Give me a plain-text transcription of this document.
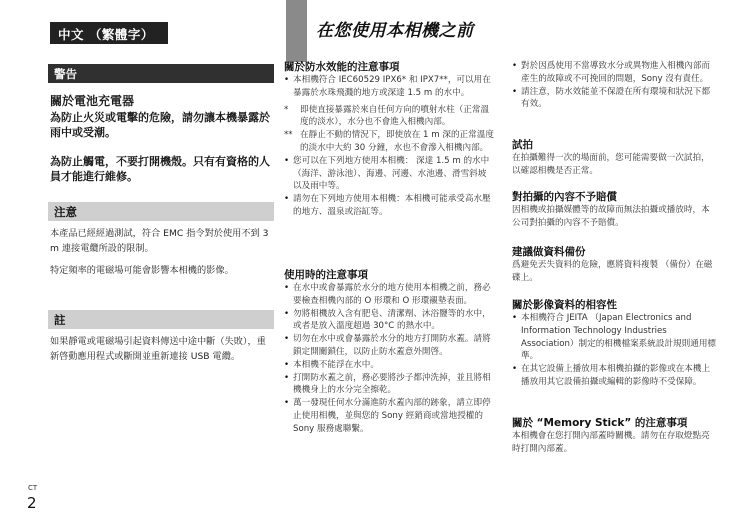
中文 （繁體字）
警告
關於電池充電器
為防止火災或電擊的危險，請勿讓本機暴露於雨中或受潮。
為防止觸電，不要打開機殼。只有有資格的人員才能進行維修。
注意
本產品已經經過測試，符合 EMC 指令對於使用不到 3 m 連接電纜所設的限制。
特定頻率的電磁場可能會影響本相機的影像。
註
如果靜電或電磁場引起資料傳送中途中斷（失敗），重新啓動應用程式或斷開並重新連接 USB 電纜。
在您使用本相機之前
關於防水效能的注意事項
• 本相機符合 IEC60529 IPX6* 和 IPX7**，可以用在暴露於水珠飛濺的地方或深達 1.5 m 的水中。
* 即使直接暴露於來自任何方向的噴射水柱（正常溫度的淡水），水分也不會進入相機內部。
** 在靜止不動的情況下，即使放在 1 m 深的正常溫度的淡水中大約 30 分鐘，水也不會滲入相機內部。
• 您可以在下列地方使用本相機： 深達 1.5 m 的水中 （海洋、游泳池）、海邊、河邊、水池邊、滑雪斜坡以及雨中等。
• 請勿在下列地方使用本相機：本相機可能承受高水壓的地方、溫泉或浴缸等。
使用時的注意事項
• 在水中或會暴露於水分的地方使用本相機之前，務必要檢查相機內部的 O 形環和 O 形環襯墊表面。
• 勿將相機放入含有肥皂、清潔劑、沐浴鹽等的水中，或者是放入溫度超過 30°C 的熱水中。
• 切勿在水中或會暴露於水分的地方打開防水蓋。請將鎖定開關鎖住，以防止防水蓋意外開啓。
• 本相機不能浮在水中。
• 打開防水蓋之前，務必要將沙子都沖洗掉，並且將相機機身上的水分完全擦乾。
• 萬一發現任何水分滿進防水蓋內部的跡象，請立即停止使用相機，並與您的 Sony 經銷商或當地授權的 Sony 服務處聯繫。
• 對於因爲使用不當導致水分或異物進入相機內部而產生的故障或不可挽回的問題，Sony 沒有責任。
• 請注意，防水效能並不保證在所有環境和狀況下都有效。
試拍
在拍攝難得一次的場面前，您可能需要做一次試拍，以確認相機是否正常。
對拍攝的內容不予賠償
因相機或拍攝媒體等的故障而無法拍攝或播放時，本公司對拍攝的內容不予賠償。
建議做資料備份
爲避免丟失資料的危險，應將資料複製 （備份）在磁碟上。
關於影像資料的相容性
• 本相機符合 JEITA （Japan Electronics and Information Technology Industries Association）制定的相機檔案系統設計規則通用標準。
• 在其它設備上播放用本相機拍攝的影像或在本機上播放用其它設備拍攝或編輯的影像時不受保障。
關於 “Memory Stick” 的注意事項
本相機會在您打開內部蓋時關機。請勿在存取燈點亮時打開內部蓋。
CT
2
